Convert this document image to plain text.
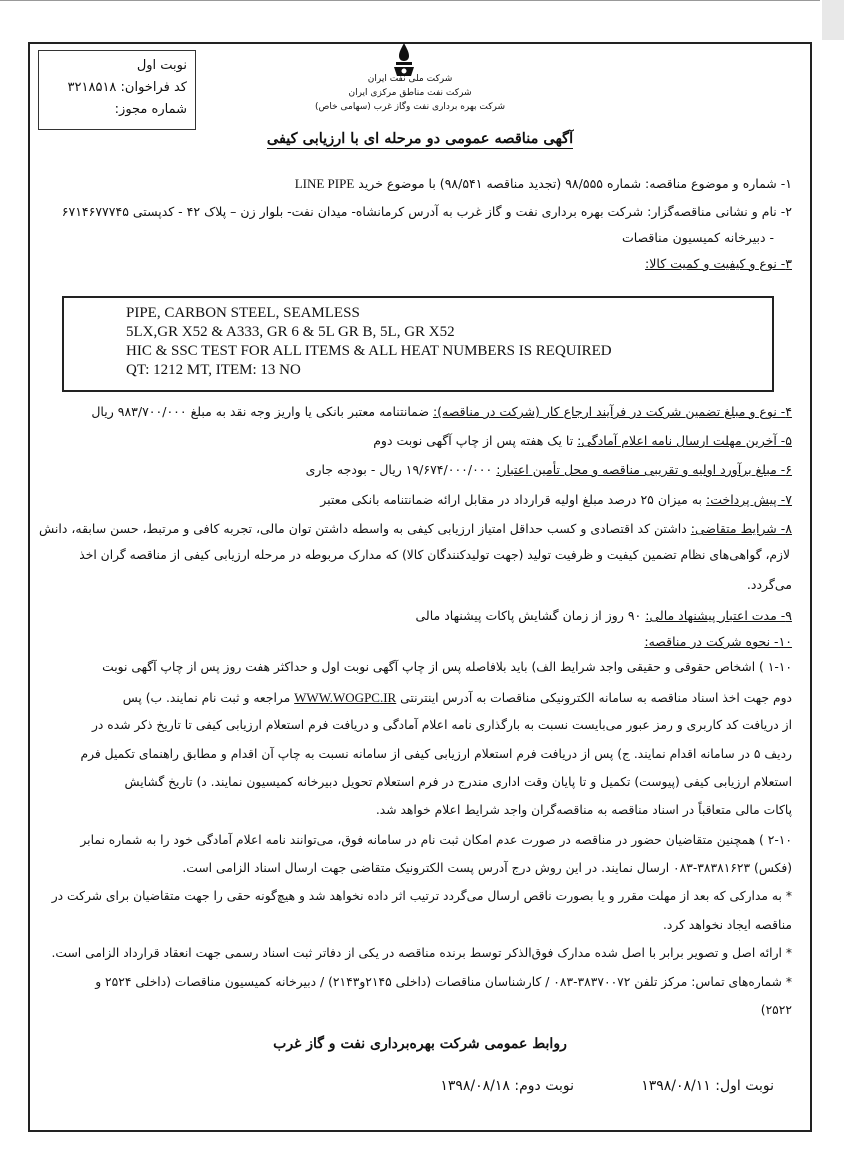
نوبت اول
کد فراخوان: ۳۲۱۸۵۱۸
شماره مجوز:
شرکت ملی نفت ایران
شرکت نفت مناطق مرکزی ایران
شرکت بهره برداری نفت وگاز غرب (سهامی خاص)
آگهی مناقصه عمومی دو مرحله ای با ارزیابی کیفی
۱- شماره و موضوع مناقصه: شماره ۹۸/۵۵۵ (تجدید مناقصه ۹۸/۵۴۱) با موضوع خرید LINE PIPE
۲- نام و نشانی مناقصه‌گزار: شرکت بهره برداری نفت و گاز غرب به آدرس کرمانشاه- میدان نفت- بلوار زن – پلاک ۴۲ - کدپستی ۶۷۱۴۶۷۷۷۴۵
- دبیرخانه کمیسیون مناقصات
۳- نوع و کیفیت و کمیت کالا:
PIPE, CARBON STEEL, SEAMLESS
5LX,GR X52 & A333, GR 6 & 5L GR B, 5L, GR X52
HIC & SSC TEST FOR ALL ITEMS & ALL HEAT NUMBERS IS REQUIRED
QT: 1212 MT, ITEM: 13 NO
۴- نوع و مبلغ تضمین شرکت در فرآیند ارجاع کار (شرکت در مناقصه): ضمانتنامه معتبر بانکی یا واریز وجه نقد به مبلغ ۹۸۳/۷۰۰/۰۰۰ ریال
۵- آخرین مهلت ارسال نامه اعلام آمادگی: تا یک هفته پس از چاپ آگهی نوبت دوم
۶- مبلغ برآورد اولیه و تقریبی مناقصه و محل تأمین اعتبار: ۱۹/۶۷۴/۰۰۰/۰۰۰ ریال - بودجه جاری
۷- پیش پرداخت: به میزان ۲۵ درصد مبلغ اولیه قرارداد در مقابل ارائه ضمانتنامه بانکی معتبر
۸- شرایط متقاضی: داشتن کد اقتصادی و کسب حداقل امتیاز ارزیابی کیفی به واسطه داشتن توان مالی، تجربه کافی و مرتبط، حسن سابقه، دانش
لازم، گواهی‌های نظام تضمین کیفیت و ظرفیت تولید (جهت تولیدکنندگان کالا) که مدارک مربوطه در مرحله ارزیابی کیفی از مناقصه گران اخذ
می‌گردد.
۹- مدت اعتبار پیشنهاد مالی: ۹۰ روز از زمان گشایش پاکات پیشنهاد مالی
۱۰- نحوه شرکت در مناقصه:
۱-۱۰ ) اشخاص حقوقی و حقیقی واجد شرایط الف) باید بلافاصله پس از چاپ آگهی نوبت اول و حداکثر هفت روز پس از چاپ آگهی نوبت
دوم جهت اخذ اسناد مناقصه به سامانه الکترونیکی مناقصات به آدرس اینترنتی WWW.WOGPC.IR مراجعه و ثبت نام نمایند. ب) پس
از دریافت کد کاربری و رمز عبور می‌بایست نسبت به بارگذاری نامه اعلام آمادگی و دریافت فرم استعلام ارزیابی کیفی تا تاریخ ذکر شده در
ردیف ۵ در سامانه اقدام نمایند. ج) پس از دریافت فرم استعلام ارزیابی کیفی از سامانه نسبت به چاپ آن اقدام و مطابق راهنمای تکمیل فرم
استعلام ارزیابی کیفی (پیوست) تکمیل و تا پایان وقت اداری مندرج در فرم استعلام تحویل دبیرخانه کمیسیون نمایند. د) تاریخ گشایش
پاکات مالی متعاقباً در اسناد مناقصه به مناقصه‌گران واجد شرایط اعلام خواهد شد.
۲-۱۰ ) همچنین متقاضیان حضور در مناقصه در صورت عدم امکان ثبت نام در سامانه فوق، می‌توانند نامه اعلام آمادگی خود را به شماره نمابر
(فکس) ۳۸۳۸۱۶۲۳-۰۸۳ ارسال نمایند. در این روش درج آدرس پست الکترونیک متقاضی جهت ارسال اسناد الزامی است.
* به مدارکی که بعد از مهلت مقرر و یا بصورت ناقص ارسال می‌گردد ترتیب اثر داده نخواهد شد و هیچ‌گونه حقی را جهت متقاضیان برای شرکت در
مناقصه ایجاد نخواهد کرد.
* ارائه اصل و تصویر برابر با اصل شده مدارک فوق‌الذکر توسط برنده مناقصه در یکی از دفاتر ثبت اسناد رسمی جهت انعقاد قرارداد الزامی است.
* شماره‌های تماس: مرکز تلفن ۳۸۳۷۰۰۷۲-۰۸۳ / کارشناسان مناقصات (داخلی ۲۱۴۵و۲۱۴۳) / دبیرخانه کمیسیون مناقصات (داخلی ۲۵۲۴ و
۲۵۲۲)
روابط عمومی شرکت بهره‌برداری نفت و گاز غرب
نوبت اول: ۱۳۹۸/۰۸/۱۱
نوبت دوم: ۱۳۹۸/۰۸/۱۸
